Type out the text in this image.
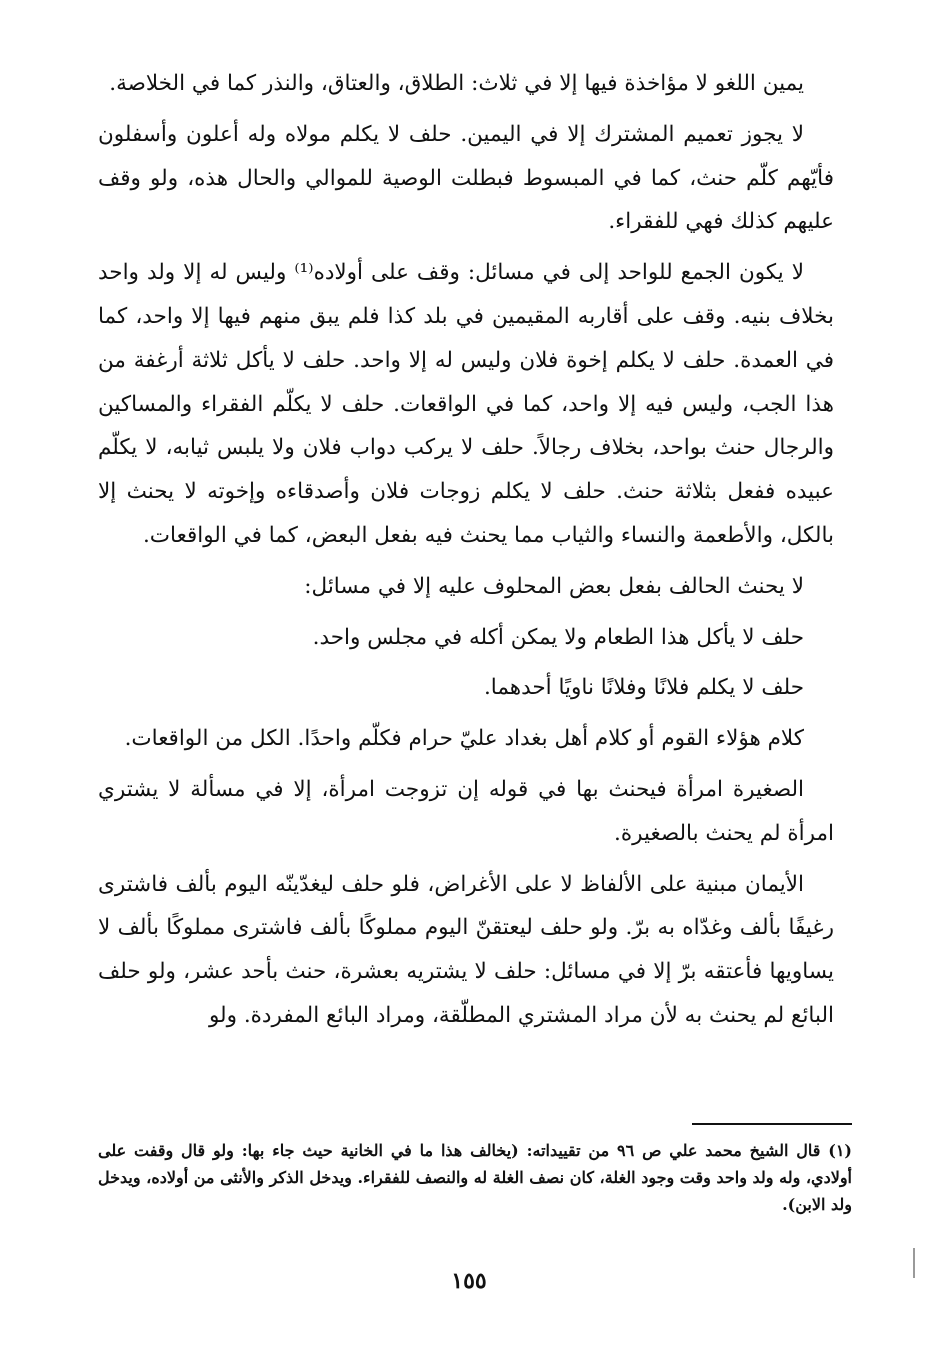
يمين اللغو لا مؤاخذة فيها إلا في ثلاث: الطلاق، والعتاق، والنذر كما في الخلاصة.

لا يجوز تعميم المشترك إلا في اليمين. حلف لا يكلم مولاه وله أعلون وأسفلون فأيّهم كلّم حنث، كما في المبسوط فبطلت الوصية للموالي والحال هذه، ولو وقف عليهم كذلك فهي للفقراء.

لا يكون الجمع للواحد إلى في مسائل: وقف على أولاده⁽¹⁾ وليس له إلا ولد واحد بخلاف بنيه. وقف على أقاربه المقيمين في بلد كذا فلم يبق منهم فيها إلا واحد، كما في العمدة. حلف لا يكلم إخوة فلان وليس له إلا واحد. حلف لا يأكل ثلاثة أرغفة من هذا الجب، وليس فيه إلا واحد، كما في الواقعات. حلف لا يكلّم الفقراء والمساكين والرجال حنث بواحد، بخلاف رجالاً. حلف لا يركب دواب فلان ولا يلبس ثيابه، لا يكلّم عبيده ففعل بثلاثة حنث. حلف لا يكلم زوجات فلان وأصدقاءه وإخوته لا يحنث إلا بالكل، والأطعمة والنساء والثياب مما يحنث فيه بفعل البعض، كما في الواقعات.

لا يحنث الحالف بفعل بعض المحلوف عليه إلا في مسائل:

حلف لا يأكل هذا الطعام ولا يمكن أكله في مجلس واحد.

حلف لا يكلم فلانًا وفلانًا ناويًا أحدهما.

كلام هؤلاء القوم أو كلام أهل بغداد عليّ حرام فكلّم واحدًا. الكل من الواقعات.

الصغيرة امرأة فيحنث بها في قوله إن تزوجت امرأة، إلا في مسألة لا يشتري امرأة لم يحنث بالصغيرة.

الأيمان مبنية على الألفاظ لا على الأغراض، فلو حلف ليغدّينّه اليوم بألف فاشترى رغيفًا بألف وغدّاه به برّ. ولو حلف ليعتقنّ اليوم مملوكًا بألف فاشترى مملوكًا بألف لا يساويها فأعتقه برّ إلا في مسائل: حلف لا يشتريه بعشرة، حنث بأحد عشر، ولو حلف البائع لم يحنث به لأن مراد المشتري المطلّقة، ومراد البائع المفردة. ولو

(١) قال الشيخ محمد علي ص ٩٦ من تقييداته: (يخالف هذا ما في الخانية حيث جاء بها: ولو قال وقفت على أولادي، وله ولد واحد وقت وجود الغلة، كان نصف الغلة له والنصف للفقراء. ويدخل الذكر والأنثى من أولاده، ويدخل ولد الابن).

١٥٥
